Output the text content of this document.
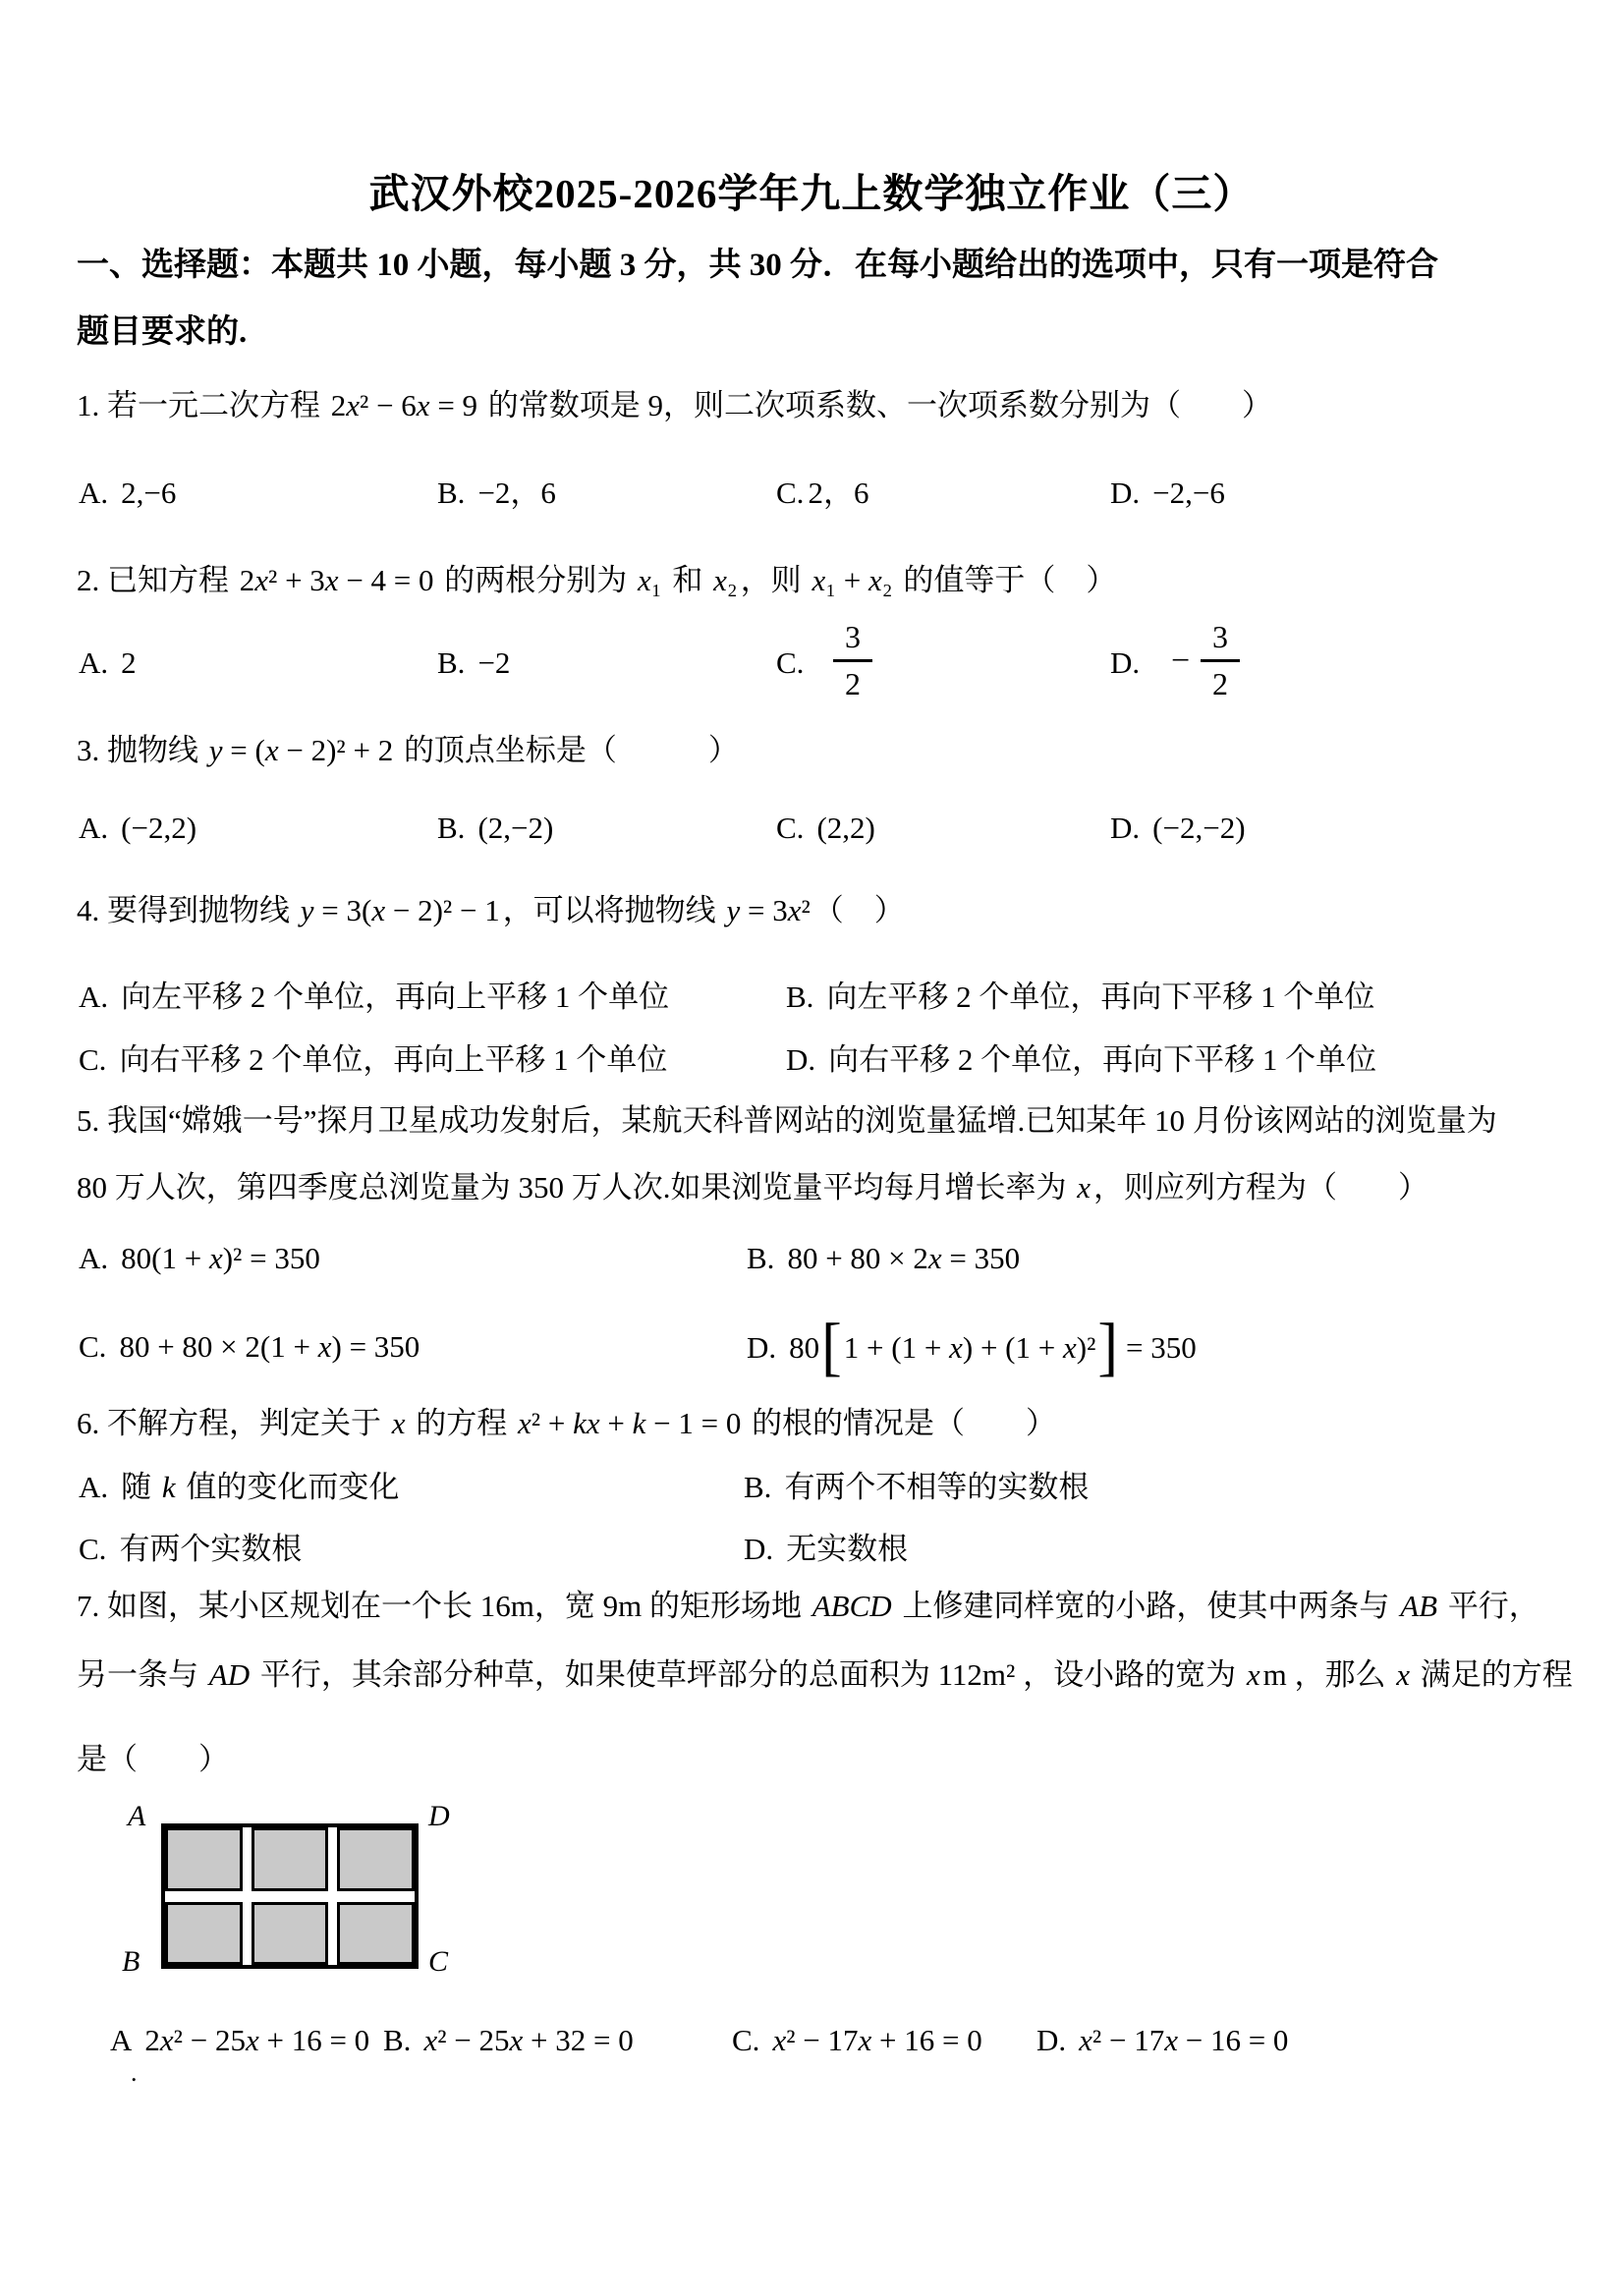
武汉外校2025-2026学年九上数学独立作业（三）
一、选择题：本题共 10 小题，每小题 3 分，共 30 分．在每小题给出的选项中，只有一项是符合
题目要求的.
1. 若一元二次方程 2x² − 6x = 9 的常数项是 9，则二次项系数、一次项系数分别为（　　）
A. 2,−6	B. −2，6	C. 2，6	D. −2,−6
2. 已知方程 2x² + 3x − 4 = 0 的两根分别为 x₁ 和 x₂，则 x₁ + x₂ 的值等于（　）
A. 2	B. −2	C. $\frac{3}{2}$	D. − $\frac{3}{2}$
3. 抛物线 y = (x − 2)² + 2 的顶点坐标是（　　　）
A. (−2,2)	B. (2,−2)	C. (2,2)	D. (−2,−2)
4. 要得到抛物线 y = 3(x − 2)² − 1，可以将抛物线 y = 3x²（　）
A. 向左平移 2 个单位，再向上平移 1 个单位	B. 向左平移 2 个单位，再向下平移 1 个单位
C. 向右平移 2 个单位，再向上平移 1 个单位	D. 向右平移 2 个单位，再向下平移 1 个单位
5. 我国“嫦娥一号”探月卫星成功发射后，某航天科普网站的浏览量猛增.已知某年 10 月份该网站的浏览量为
80 万人次，第四季度总浏览量为 350 万人次.如果浏览量平均每月增长率为 x，则应列方程为（　　）
A. 80(1 + x)² = 350	B. 80 + 80 × 2x = 350
C. 80 + 80 × 2(1 + x) = 350	D. 80 [ 1 + (1 + x) + (1 + x)² ] = 350
6. 不解方程，判定关于 x 的方程 x² + kx + k − 1 = 0 的根的情况是（　　）
A. 随 k 值的变化而变化	B. 有两个不相等的实数根
C. 有两个实数根	D. 无实数根
7. 如图，某小区规划在一个长 16m，宽 9m 的矩形场地 ABCD 上修建同样宽的小路，使其中两条与 AB 平行，
另一条与 AD 平行，其余部分种草，如果使草坪部分的总面积为 112m² ，设小路的宽为 xm ，那么 x 满足的方程
是（　　）
A	D
B	C
A 2x² − 25x + 16 = 0 B. x² − 25x + 32 = 0	C. x² − 17x + 16 = 0 D. x² − 17x − 16 = 0
.
